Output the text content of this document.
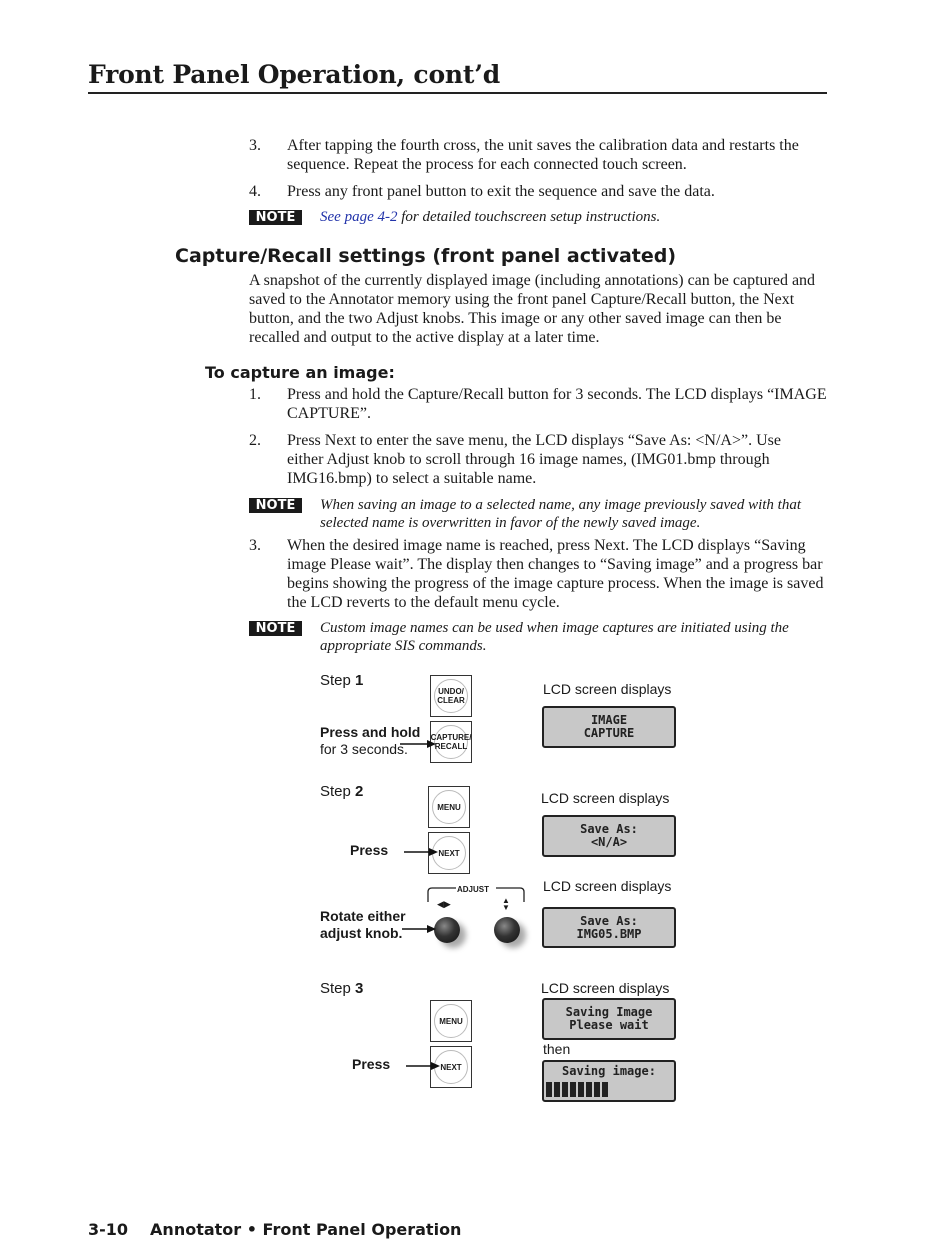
Front Panel Operation, cont’d
3.	After tapping the fourth cross, the unit saves the calibration data and restarts the sequence. Repeat the process for each connected touch screen.
4.	Press any front panel button to exit the sequence and save the data.
NOTE	See page 4-2 for detailed touchscreen setup instructions.
Capture/Recall settings (front panel activated)
A snapshot of the currently displayed image (including annotations) can be captured and saved to the Annotator memory using the front panel Capture/Recall button, the Next button, and the two Adjust knobs. This image or any other saved image can then be recalled and output to the active display at a later time.
To capture an image:
1.	Press and hold the Capture/Recall button for 3 seconds. The LCD displays “IMAGE CAPTURE”.
2.	Press Next to enter the save menu, the LCD displays “Save As: <N/A>”. Use either Adjust knob to scroll through 16 image names, (IMG01.bmp through IMG16.bmp) to select a suitable name.
NOTE	When saving an image to a selected name, any image previously saved with that selected name is overwritten in favor of the newly saved image.
3.	When the desired image name is reached, press Next. The LCD displays “Saving image Please wait”. The display then changes to “Saving image” and a progress bar begins showing the progress of the image capture process. When the image is saved the LCD reverts to the default menu cycle.
NOTE	Custom image names can be used when image captures are initiated using the appropriate SIS commands.
Step 1
UNDO/ CLEAR
CAPTURE/ RECALL
Press and hold
for 3 seconds.
LCD screen displays
IMAGE
CAPTURE
Step 2
MENU
NEXT
Press
LCD screen displays
Save As:
<N/A>
ADJUST
◀▶	▲
▼
Rotate either
adjust knob.
LCD screen displays
Save As:
IMG05.BMP
Step 3
MENU
NEXT
Press
LCD screen displays
Saving Image
Please wait
then
Saving image:
3-10 Annotator • Front Panel Operation
